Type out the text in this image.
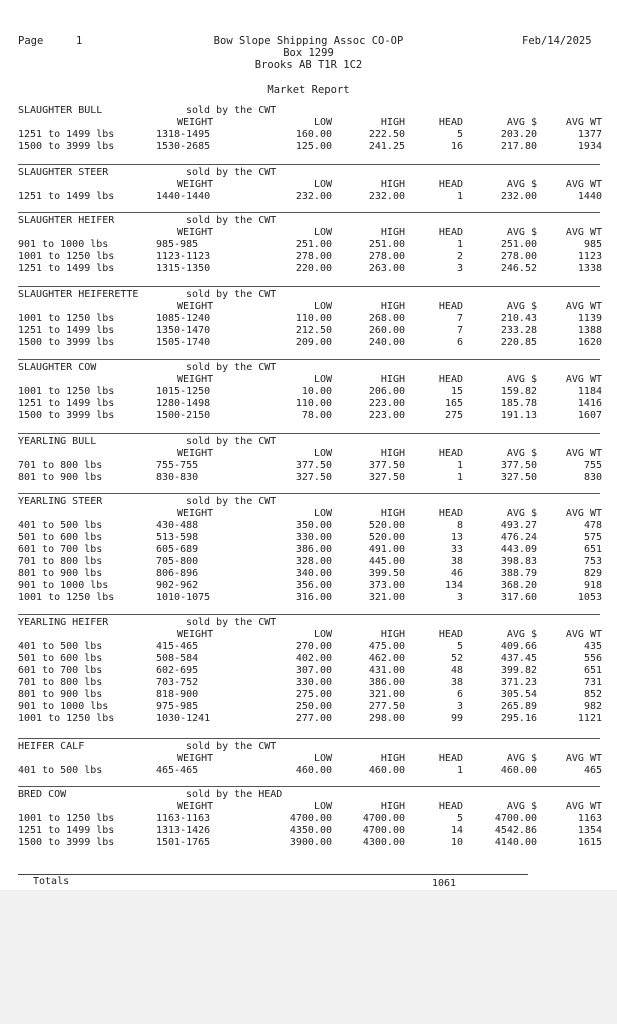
Page	1	Bow Slope Shipping Assoc CO-OP
Box 1299
Brooks AB T1R 1C2
Feb/14/2025
Market Report
SLAUGHTER BULL	sold by the CWT
WEIGHT	LOW	HIGH	HEAD	AVG $	AVG WT
1251 to 1499 lbs	1318-1495	160.00	222.50	5	203.20	1377
1500 to 3999 lbs	1530-2685	125.00	241.25	16	217.80	1934
SLAUGHTER STEER	sold by the CWT
WEIGHT	LOW	HIGH	HEAD	AVG $	AVG WT
1251 to 1499 lbs	1440-1440	232.00	232.00	1	232.00	1440
SLAUGHTER HEIFER	sold by the CWT
WEIGHT	LOW	HIGH	HEAD	AVG $	AVG WT
901 to 1000 lbs	985-985	251.00	251.00	1	251.00	985
1001 to 1250 lbs	1123-1123	278.00	278.00	2	278.00	1123
1251 to 1499 lbs	1315-1350	220.00	263.00	3	246.52	1338
SLAUGHTER HEIFERETTE	sold by the CWT
WEIGHT	LOW	HIGH	HEAD	AVG $	AVG WT
1001 to 1250 lbs	1085-1240	110.00	268.00	7	210.43	1139
1251 to 1499 lbs	1350-1470	212.50	260.00	7	233.28	1388
1500 to 3999 lbs	1505-1740	209.00	240.00	6	220.85	1620
SLAUGHTER COW	sold by the CWT
WEIGHT	LOW	HIGH	HEAD	AVG $	AVG WT
1001 to 1250 lbs	1015-1250	10.00	206.00	15	159.82	1184
1251 to 1499 lbs	1280-1498	110.00	223.00	165	185.78	1416
1500 to 3999 lbs	1500-2150	78.00	223.00	275	191.13	1607
YEARLING BULL	sold by the CWT
WEIGHT	LOW	HIGH	HEAD	AVG $	AVG WT
701 to 800 lbs	755-755	377.50	377.50	1	377.50	755
801 to 900 lbs	830-830	327.50	327.50	1	327.50	830
YEARLING STEER	sold by the CWT
WEIGHT	LOW	HIGH	HEAD	AVG $	AVG WT
401 to 500 lbs	430-488	350.00	520.00	8	493.27	478
501 to 600 lbs	513-598	330.00	520.00	13	476.24	575
601 to 700 lbs	605-689	386.00	491.00	33	443.09	651
701 to 800 lbs	705-800	328.00	445.00	38	398.83	753
801 to 900 lbs	806-896	340.00	399.50	46	388.79	829
901 to 1000 lbs	902-962	356.00	373.00	134	368.20	918
1001 to 1250 lbs	1010-1075	316.00	321.00	3	317.60	1053
YEARLING HEIFER	sold by the CWT
WEIGHT	LOW	HIGH	HEAD	AVG $	AVG WT
401 to 500 lbs	415-465	270.00	475.00	5	409.66	435
501 to 600 lbs	508-584	402.00	462.00	52	437.45	556
601 to 700 lbs	602-695	307.00	431.00	48	399.82	651
701 to 800 lbs	703-752	330.00	386.00	38	371.23	731
801 to 900 lbs	818-900	275.00	321.00	6	305.54	852
901 to 1000 lbs	975-985	250.00	277.50	3	265.89	982
1001 to 1250 lbs	1030-1241	277.00	298.00	99	295.16	1121
HEIFER CALF	sold by the CWT
WEIGHT	LOW	HIGH	HEAD	AVG $	AVG WT
401 to 500 lbs	465-465	460.00	460.00	1	460.00	465
BRED COW	sold by the HEAD
WEIGHT	LOW	HIGH	HEAD	AVG $	AVG WT
1001 to 1250 lbs	1163-1163	4700.00	4700.00	5	4700.00	1163
1251 to 1499 lbs	1313-1426	4350.00	4700.00	14	4542.86	1354
1500 to 3999 lbs	1501-1765	3900.00	4300.00	10	4140.00	1615
Totals	1061
